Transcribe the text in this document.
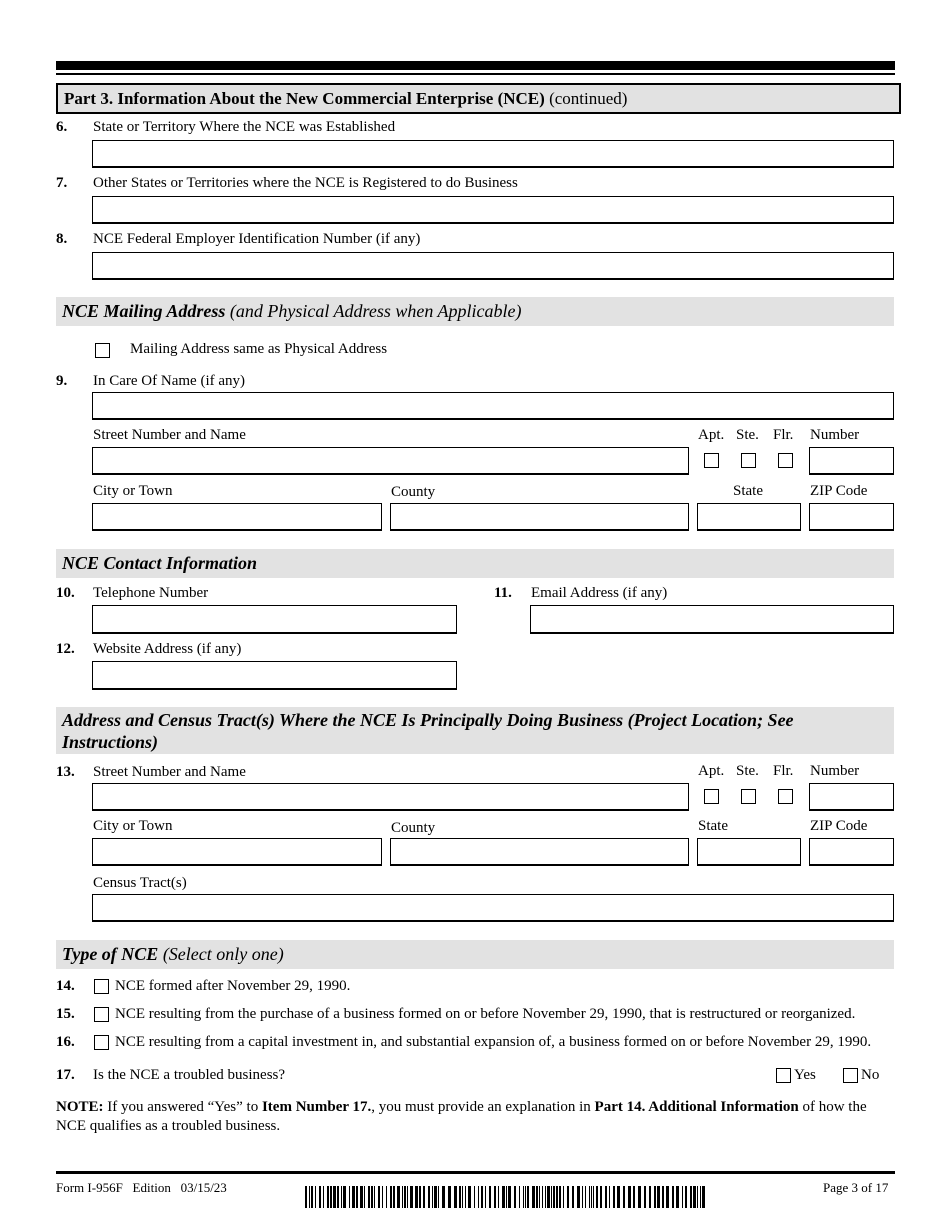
Part 3. Information About the New Commercial Enterprise (NCE) (continued)
6. State or Territory Where the NCE was Established
7. Other States or Territories where the NCE is Registered to do Business
8. NCE Federal Employer Identification Number (if any)
NCE Mailing Address (and Physical Address when Applicable)
Mailing Address same as Physical Address
9. In Care Of Name (if any)
Street Number and Name	Apt. Ste. Flr. Number
City or Town	County	State	ZIP Code
NCE Contact Information
10. Telephone Number	11. Email Address (if any)
12. Website Address (if any)
Address and Census Tract(s) Where the NCE Is Principally Doing Business (Project Location; See
Instructions)
13. Street Number and Name	Apt. Ste. Flr. Number
City or Town	County	State	ZIP Code
Census Tract(s)
Type of NCE (Select only one)
14.	NCE formed after November 29, 1990.
15.	NCE resulting from the purchase of a business formed on or before November 29, 1990, that is restructured or reorganized.
16.	NCE resulting from a capital investment in, and substantial expansion of, a business formed on or before November 29, 1990.
17. Is the NCE a troubled business?	Yes	No
NOTE: If you answered “Yes” to Item Number 17., you must provide an explanation in Part 14. Additional Information of how the NCE qualifies as a troubled business.
Form I-956F   Edition   03/15/23	Page 3 of 17
